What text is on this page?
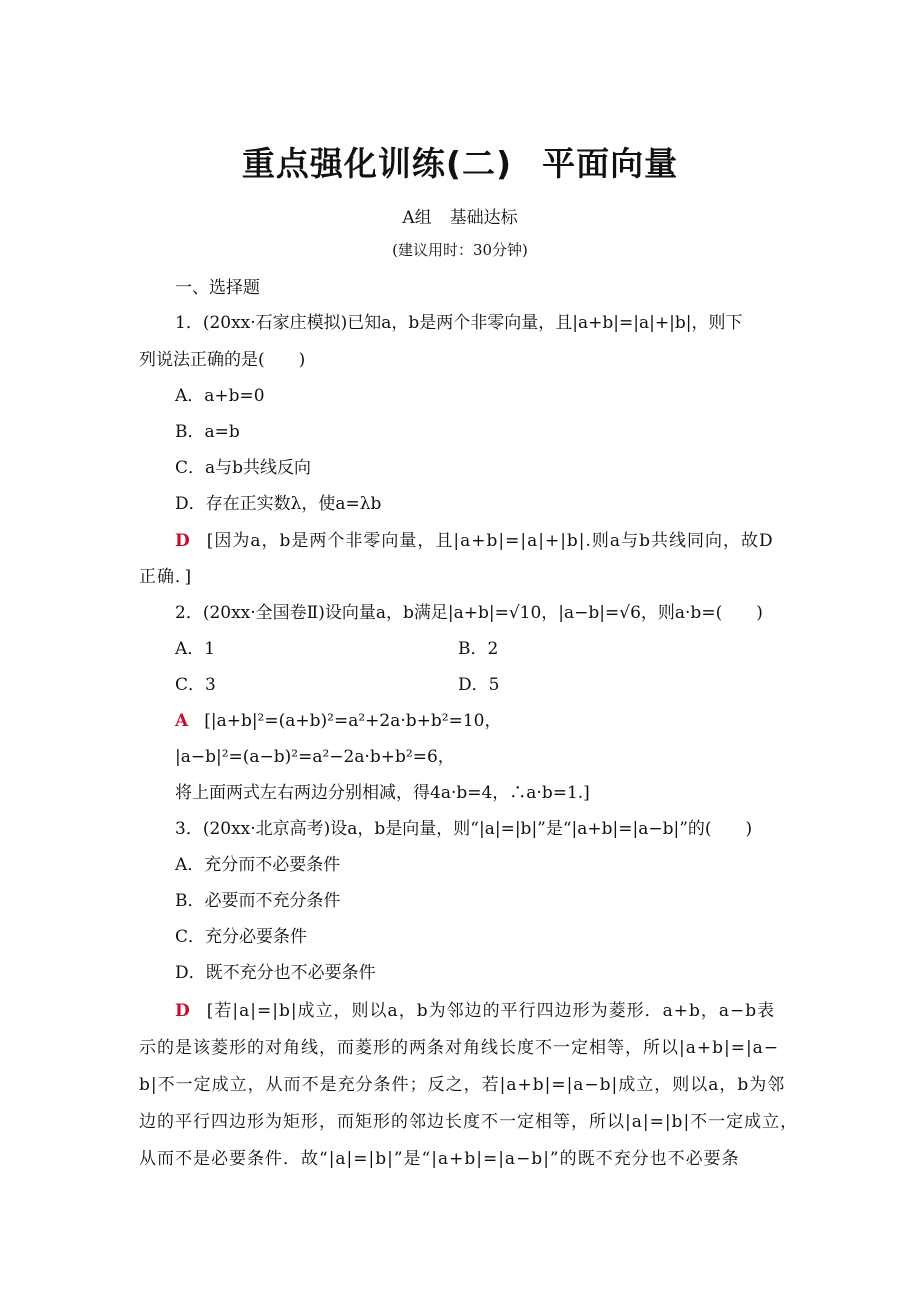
重点强化训练(二) 平面向量
A组 基础达标
(建议用时：30分钟)
一、选择题
1．(20xx·石家庄模拟)已知a，b是两个非零向量，且|a+b|=|a|+|b|，则下
列说法正确的是(　　)
A．a+b=0
B．a=b
C．a与b共线反向
D．存在正实数λ，使a=λb
D [因为a，b是两个非零向量，且|a+b|=|a|+|b|.则a与b共线同向，故D
正确．]
2．(20xx·全国卷Ⅱ)设向量a，b满足|a+b|=√10，|a−b|=√6，则a·b=(　　)
A．1	B．2
C．3	D．5
A [|a+b|²=(a+b)²=a²+2a·b+b²=10，
|a−b|²=(a−b)²=a²−2a·b+b²=6，
将上面两式左右两边分别相减，得4a·b=4，∴a·b=1.]
3．(20xx·北京高考)设a，b是向量，则“|a|=|b|”是“|a+b|=|a−b|”的(　　)
A．充分而不必要条件
B．必要而不充分条件
C．充分必要条件
D．既不充分也不必要条件
D [若|a|=|b|成立，则以a，b为邻边的平行四边形为菱形．a+b，a−b表
示的是该菱形的对角线，而菱形的两条对角线长度不一定相等，所以|a+b|=|a−
b|不一定成立，从而不是充分条件；反之，若|a+b|=|a−b|成立，则以a，b为邻
边的平行四边形为矩形，而矩形的邻边长度不一定相等，所以|a|=|b|不一定成立，
从而不是必要条件．故“|a|=|b|”是“|a+b|=|a−b|”的既不充分也不必要条
